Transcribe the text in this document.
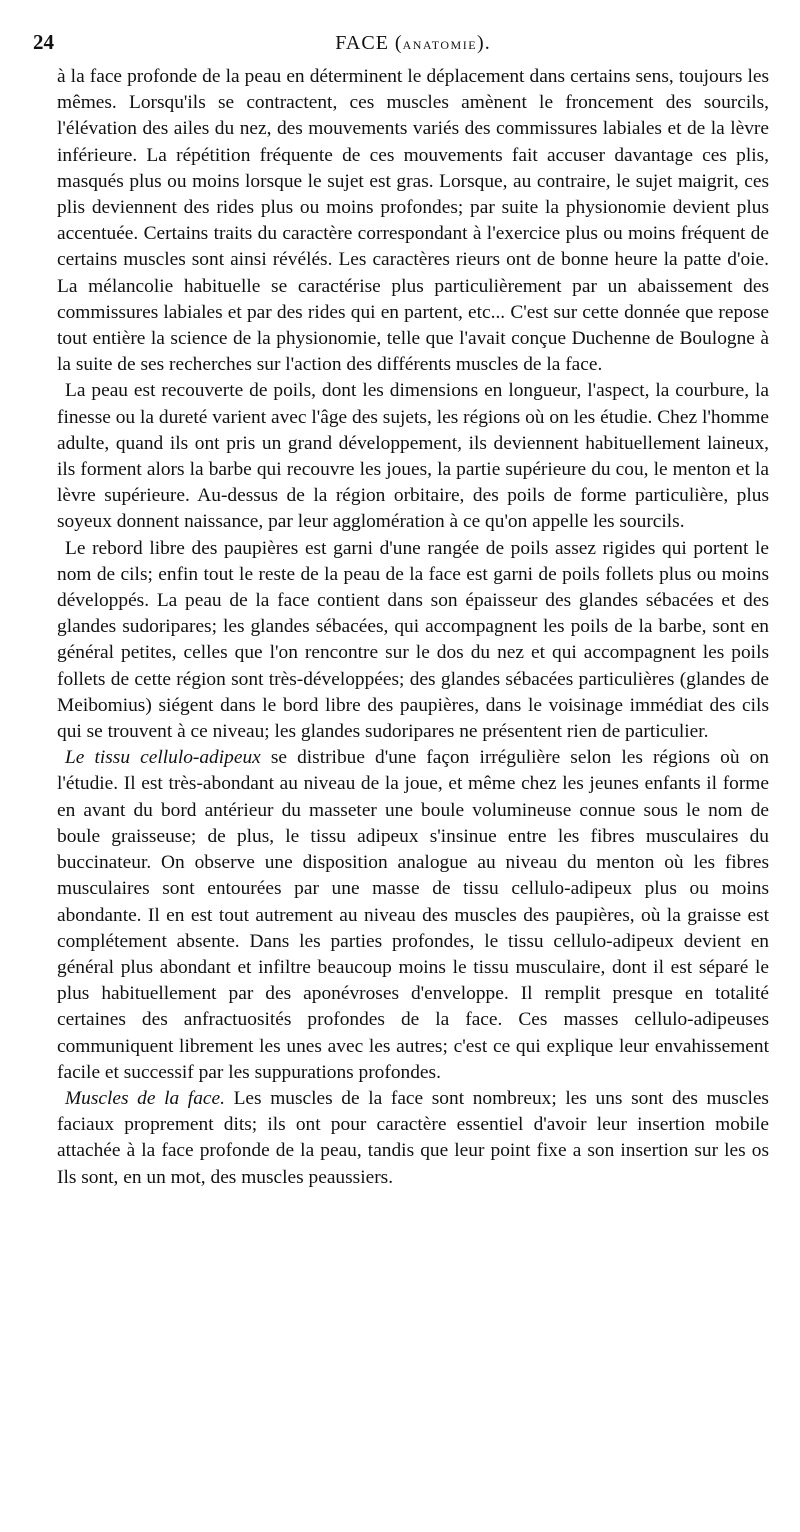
24	FACE (ANATOMIE).

à la face profonde de la peau en déterminent le déplacement dans certains sens, toujours les mêmes. Lorsqu'ils se contractent, ces muscles amènent le froncement des sourcils, l'élévation des ailes du nez, des mouvements variés des commissures labiales et de la lèvre inférieure. La répétition fréquente de ces mouvements fait accuser davantage ces plis, masqués plus ou moins lorsque le sujet est gras. Lorsque, au contraire, le sujet maigrit, ces plis deviennent des rides plus ou moins profondes; par suite la physionomie devient plus accentuée. Certains traits du caractère correspondant à l'exercice plus ou moins fréquent de certains muscles sont ainsi révélés. Les caractères rieurs ont de bonne heure la patte d'oie. La mélancolie habituelle se caractérise plus particulièrement par un abaissement des commissures labiales et par des rides qui en partent, etc... C'est sur cette donnée que repose tout entière la science de la physionomie, telle que l'avait conçue Duchenne de Boulogne à la suite de ses recherches sur l'action des différents muscles de la face.

La peau est recouverte de poils, dont les dimensions en longueur, l'aspect, la courbure, la finesse ou la dureté varient avec l'âge des sujets, les régions où on les étudie. Chez l'homme adulte, quand ils ont pris un grand développement, ils deviennent habituellement laineux, ils forment alors la barbe qui recouvre les joues, la partie supérieure du cou, le menton et la lèvre supérieure. Au-dessus de la région orbitaire, des poils de forme particulière, plus soyeux donnent naissance, par leur agglomération à ce qu'on appelle les sourcils.

Le rebord libre des paupières est garni d'une rangée de poils assez rigides qui portent le nom de cils; enfin tout le reste de la peau de la face est garni de poils follets plus ou moins développés. La peau de la face contient dans son épaisseur des glandes sébacées et des glandes sudoripares; les glandes sébacées, qui accompagnent les poils de la barbe, sont en général petites, celles que l'on rencontre sur le dos du nez et qui accompagnent les poils follets de cette région sont très-développées; des glandes sébacées particulières (glandes de Meibomius) siégent dans le bord libre des paupières, dans le voisinage immédiat des cils qui se trouvent à ce niveau; les glandes sudoripares ne présentent rien de particulier.

Le tissu cellulo-adipeux se distribue d'une façon irrégulière selon les régions où on l'étudie. Il est très-abondant au niveau de la joue, et même chez les jeunes enfants il forme en avant du bord antérieur du masseter une boule volumineuse connue sous le nom de boule graisseuse; de plus, le tissu adipeux s'insinue entre les fibres musculaires du buccinateur. On observe une disposition analogue au niveau du menton où les fibres musculaires sont entourées par une masse de tissu cellulo-adipeux plus ou moins abondante. Il en est tout autrement au niveau des muscles des paupières, où la graisse est complétement absente. Dans les parties profondes, le tissu cellulo-adipeux devient en général plus abondant et infiltre beaucoup moins le tissu musculaire, dont il est séparé le plus habituellement par des aponévroses d'enveloppe. Il remplit presque en totalité certaines des anfractuosités profondes de la face. Ces masses cellulo-adipeuses communiquent librement les unes avec les autres; c'est ce qui explique leur envahissement facile et successif par les suppurations profondes.

Muscles de la face. Les muscles de la face sont nombreux; les uns sont des muscles faciaux proprement dits; ils ont pour caractère essentiel d'avoir leur insertion mobile attachée à la face profonde de la peau, tandis que leur point fixe a son insertion sur les os Ils sont, en un mot, des muscles peaussiers.
